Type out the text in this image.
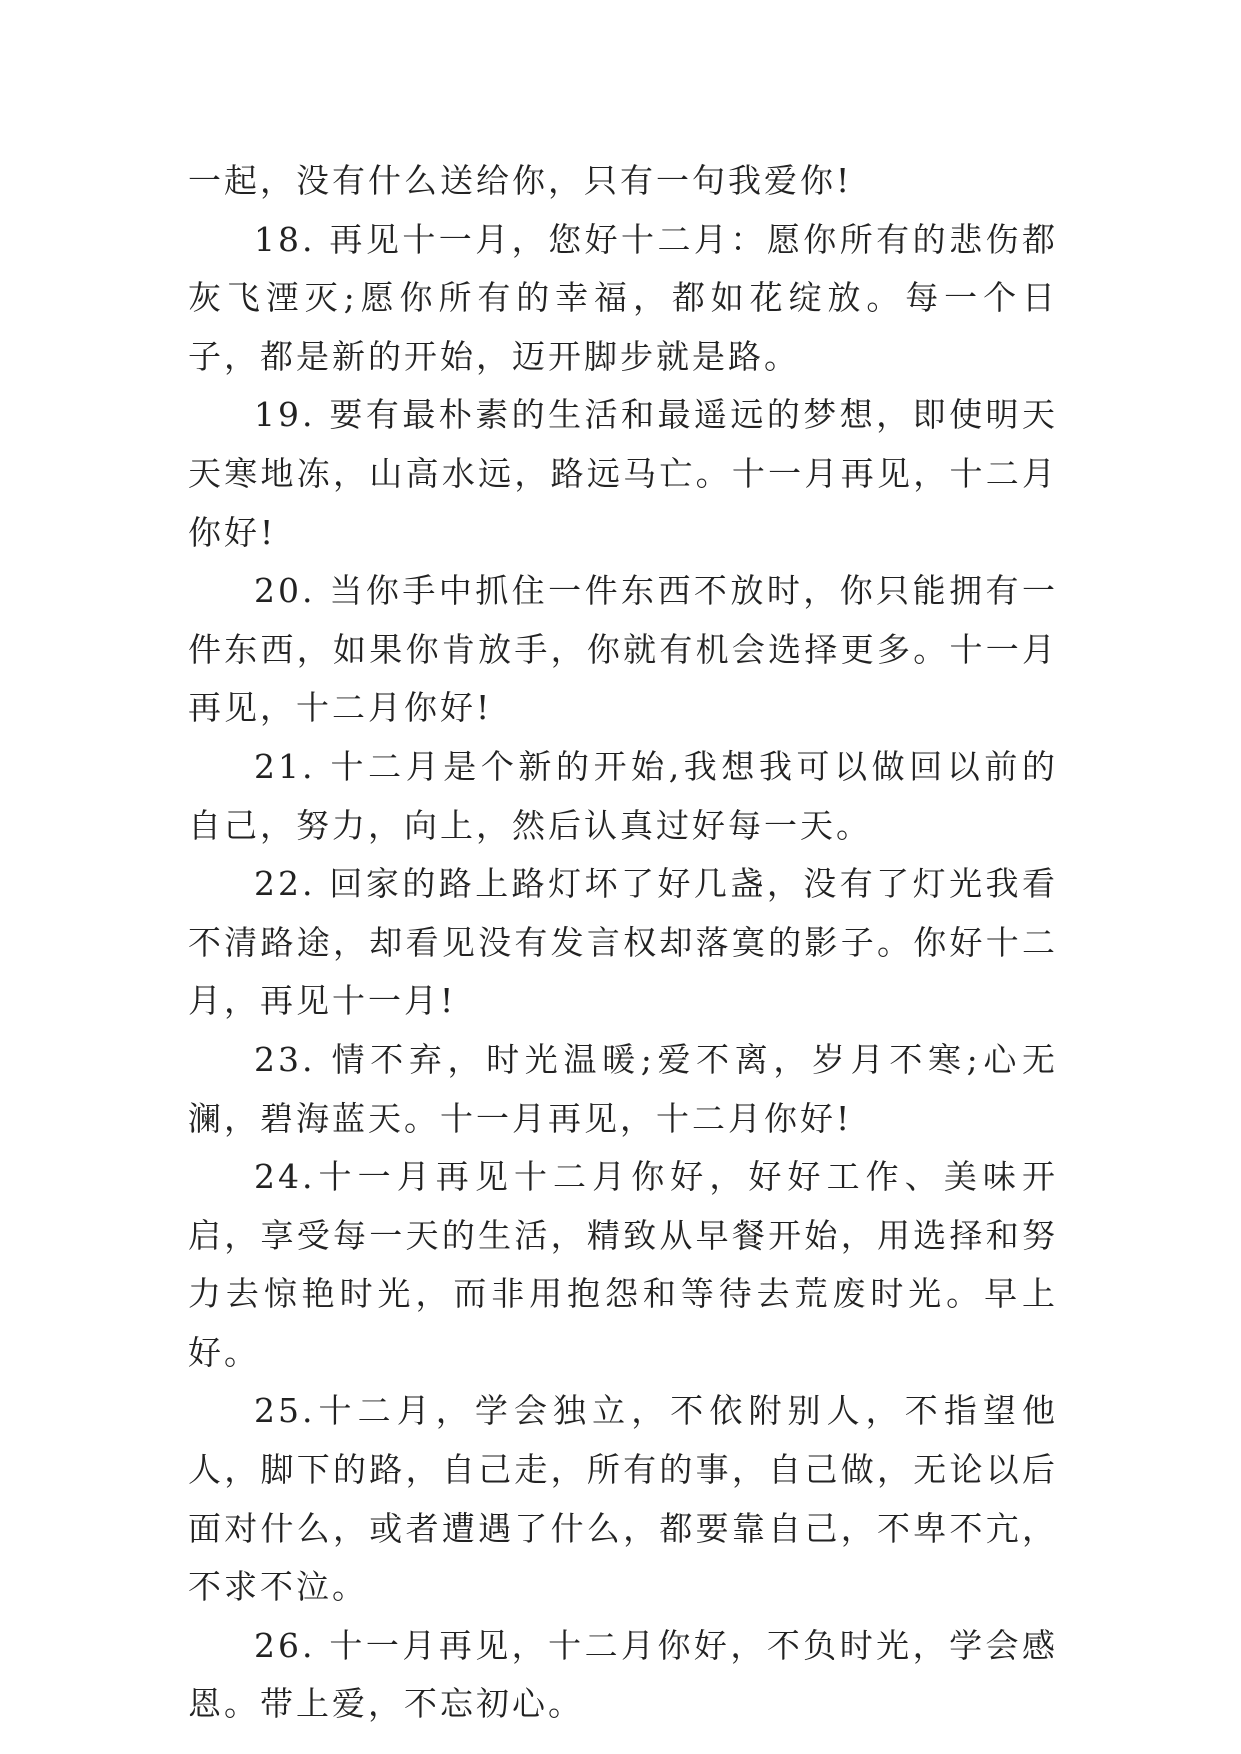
一起，没有什么送给你，只有一句我爱你!

18. 再见十一月，您好十二月：愿你所有的悲伤都灰飞湮灭;愿你所有的幸福，都如花绽放。每一个日子，都是新的开始，迈开脚步就是路。

19. 要有最朴素的生活和最遥远的梦想，即使明天天寒地冻，山高水远，路远马亡。十一月再见，十二月你好!

20. 当你手中抓住一件东西不放时，你只能拥有一件东西，如果你肯放手，你就有机会选择更多。十一月再见，十二月你好!

21. 十二月是个新的开始,我想我可以做回以前的自己，努力，向上，然后认真过好每一天。

22. 回家的路上路灯坏了好几盏，没有了灯光我看不清路途，却看见没有发言权却落寞的影子。你好十二月，再见十一月!

23. 情不弃，时光温暖;爱不离，岁月不寒;心无澜，碧海蓝天。十一月再见，十二月你好!

24.十一月再见十二月你好，好好工作、美味开启，享受每一天的生活，精致从早餐开始，用选择和努力去惊艳时光，而非用抱怨和等待去荒废时光。早上好。

25.十二月，学会独立，不依附别人，不指望他人，脚下的路，自己走，所有的事，自己做，无论以后面对什么，或者遭遇了什么，都要靠自己，不卑不亢，不求不泣。

26. 十一月再见，十二月你好，不负时光，学会感恩。带上爱，不忘初心。
